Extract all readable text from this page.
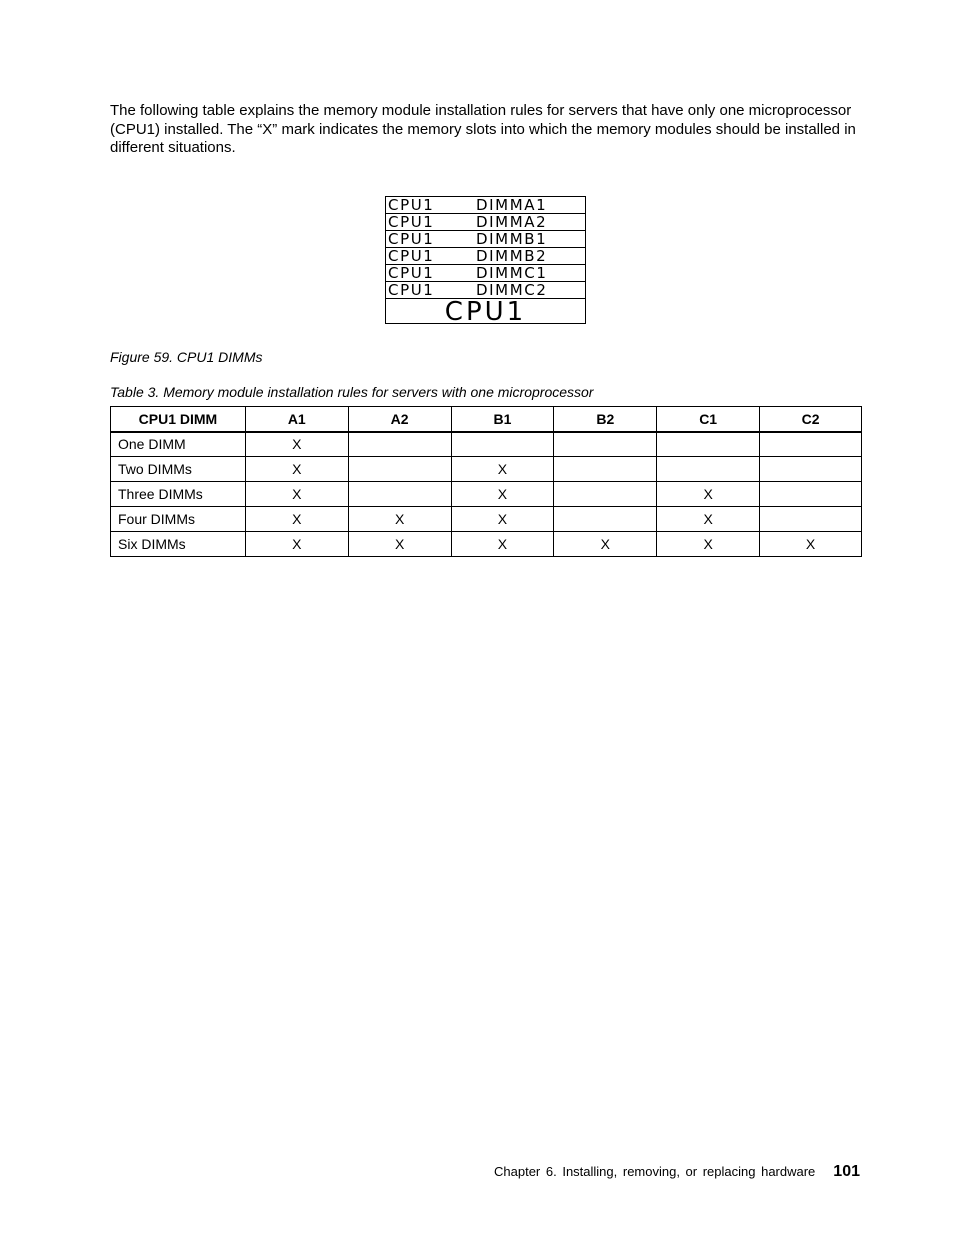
The following table explains the memory module installation rules for servers that have only one microprocessor (CPU1) installed. The “X” mark indicates the memory slots into which the memory modules should be installed in different situations.

CPU1	DIMMA1
CPU1	DIMMA2
CPU1	DIMMB1
CPU1	DIMMB2
CPU1	DIMMC1
CPU1	DIMMC2
CPU1
Figure 59. CPU1 DIMMs
Table 3. Memory module installation rules for servers with one microprocessor
CPU1 DIMM	A1	A2	B1	B2	C1	C2
One DIMM	X					
Two DIMMs	X		X			
Three DIMMs	X		X		X	
Four DIMMs	X	X	X		X	
Six DIMMs	X	X	X	X	X	X
Chapter 6. Installing, removing, or replacing hardware 101
